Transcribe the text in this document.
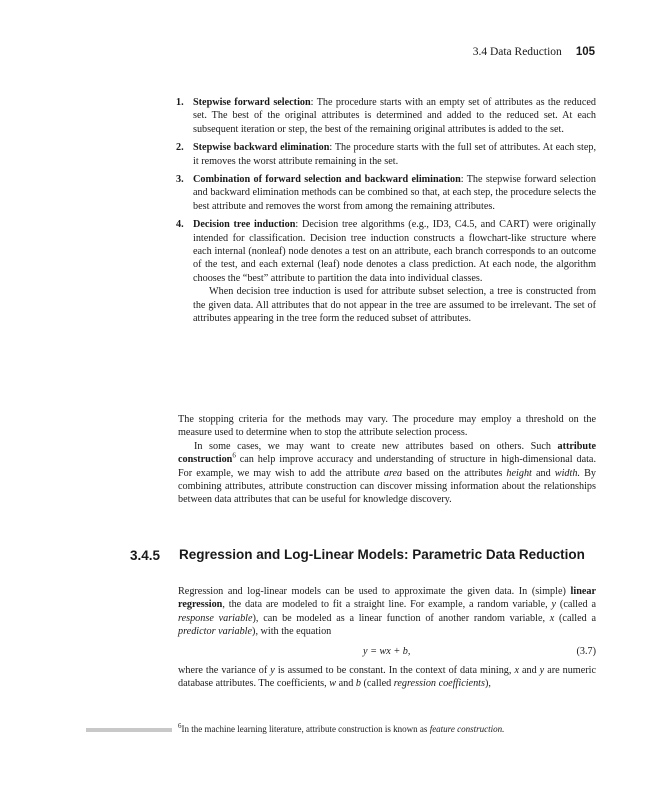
3.4 Data Reduction 105
1. Stepwise forward selection: The procedure starts with an empty set of attributes as the reduced set. The best of the original attributes is determined and added to the reduced set. At each subsequent iteration or step, the best of the remaining original attributes is added to the set.

2. Stepwise backward elimination: The procedure starts with the full set of attributes. At each step, it removes the worst attribute remaining in the set.

3. Combination of forward selection and backward elimination: The stepwise forward selection and backward elimination methods can be combined so that, at each step, the procedure selects the best attribute and removes the worst from among the remaining attributes.

4. Decision tree induction: Decision tree algorithms (e.g., ID3, C4.5, and CART) were originally intended for classification. Decision tree induction constructs a flowchart-like structure where each internal (nonleaf) node denotes a test on an attribute, each branch corresponds to an outcome of the test, and each external (leaf) node denotes a class prediction. At each node, the algorithm chooses the “best” attribute to partition the data into individual classes.

When decision tree induction is used for attribute subset selection, a tree is constructed from the given data. All attributes that do not appear in the tree are assumed to be irrelevant. The set of attributes appearing in the tree form the reduced subset of attributes.

The stopping criteria for the methods may vary. The procedure may employ a threshold on the measure used to determine when to stop the attribute selection process.

In some cases, we may want to create new attributes based on others. Such attribute construction$^6$ can help improve accuracy and understanding of structure in high-dimensional data. For example, we may wish to add the attribute area based on the attributes height and width. By combining attributes, attribute construction can discover missing information about the relationships between data attributes that can be useful for knowledge discovery.

3.4.5 Regression and Log-Linear Models: Parametric Data Reduction

Regression and log-linear models can be used to approximate the given data. In (simple) linear regression, the data are modeled to fit a straight line. For example, a random variable, y (called a response variable), can be modeled as a linear function of another random variable, x (called a predictor variable), with the equation

y = wx + b,	(3.7)

where the variance of y is assumed to be constant. In the context of data mining, x and y are numeric database attributes. The coefficients, w and b (called regression coefficients),

$^6$In the machine learning literature, attribute construction is known as feature construction.
